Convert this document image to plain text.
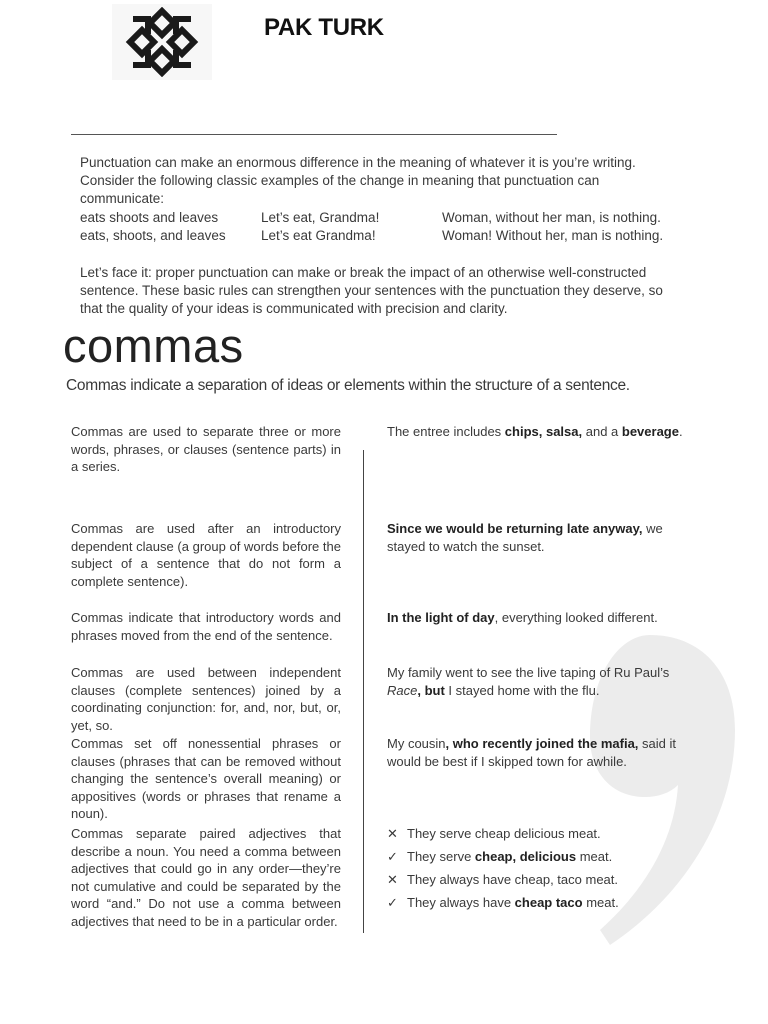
PAK TURK

Punctuation can make an enormous difference in the meaning of whatever it is you’re writing.

Consider the following classic examples of the change in meaning that punctuation can communicate:

eats shoots and leaves
eats, shoots, and leaves
Let’s eat, Grandma!
Let’s eat Grandma!
Woman, without her man, is nothing.
Woman! Without her, man is nothing.

Let’s face it: proper punctuation can make or break the impact of an otherwise well-constructed sentence. These basic rules can strengthen your sentences with the punctuation they deserve, so that the quality of your ideas is communicated with precision and clarity.

commas

Commas indicate a separation of ideas or elements within the structure of a sentence.

Commas are used to separate three or more words, phrases, or clauses (sentence parts) in a series.

Commas are used after an introductory dependent clause (a group of words before the subject of a sentence that do not form a complete sentence).

Commas indicate that introductory words and phrases moved from the end of the sentence.

Commas are used between independent clauses (complete sentences) joined by a coordinating conjunction: for, and, nor, but, or, yet, so.

Commas set off nonessential phrases or clauses (phrases that can be removed without changing the sentence’s overall meaning) or appositives (words or phrases that rename a noun).

Commas separate paired adjectives that describe a noun. You need a comma between adjectives that could go in any order—they’re not cumulative and could be separated by the word “and.” Do not use a comma between adjectives that need to be in a particular order.

The entree includes chips, salsa, and a beverage.

Since we would be returning late anyway, we stayed to watch the sunset.

In the light of day, everything looked different.

My family went to see the live taping of Ru Paul’s Race, but I stayed home with the flu.

My cousin, who recently joined the mafia, said it would be best if I skipped town for awhile.

✕ They serve cheap delicious meat.
✓ They serve cheap, delicious meat.
✕ They always have cheap, taco meat.
✓ They always have cheap taco meat.
